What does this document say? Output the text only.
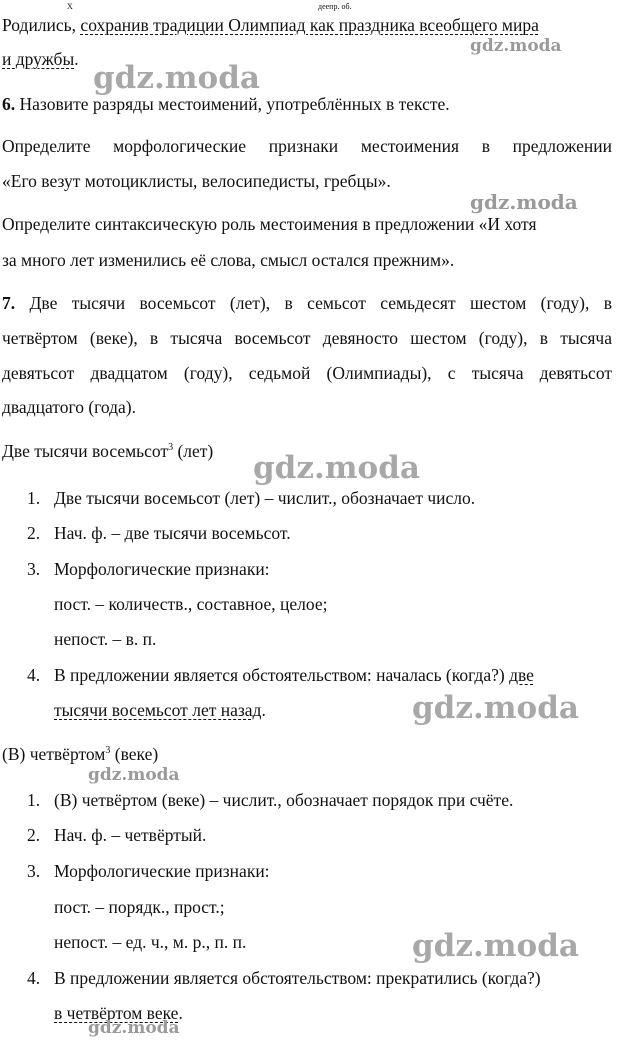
X	деепр. об.
Родились, сохранив традиции Олимпиад как праздника всеобщего мира
и дружбы.
6. Назовите разряды местоимений, употреблённых в тексте.
Определите морфологические признаки местоимения в предложении
«Его везут мотоциклисты, велосипедисты, гребцы».
Определите синтаксическую роль местоимения в предложении «И хотя
за много лет изменились её слова, смысл остался прежним».
7. Две тысячи восемьсот (лет), в семьсот семьдесят шестом (году), в
четвёртом (веке), в тысяча восемьсот девяносто шестом (году), в тысяча
девятьсот двадцатом (году), седьмой (Олимпиады), с тысяча девятьсот
двадцатого (года).
Две тысячи восемьсот$^3$ (лет)
1. Две тысячи восемьсот (лет) – числит., обозначает число.
2. Нач. ф. – две тысячи восемьсот.
3. Морфологические признаки:
пост. – количеств., составное, целое;
непост. – в. п.
4. В предложении является обстоятельством: началась (когда?) две
тысячи восемьсот лет назад.
(В) четвёртом$^3$ (веке)
1. (В) четвёртом (веке) – числит., обозначает порядок при счёте.
2. Нач. ф. – четвёртый.
3. Морфологические признаки:
пост. – порядк., прост.;
непост. – ед. ч., м. р., п. п.
4. В предложении является обстоятельством: прекратились (когда?)
в четвёртом веке.
gdz.moda
gdz.moda
gdz.moda
gdz.moda
gdz.moda
gdz.moda
gdz.moda
gdz.moda
